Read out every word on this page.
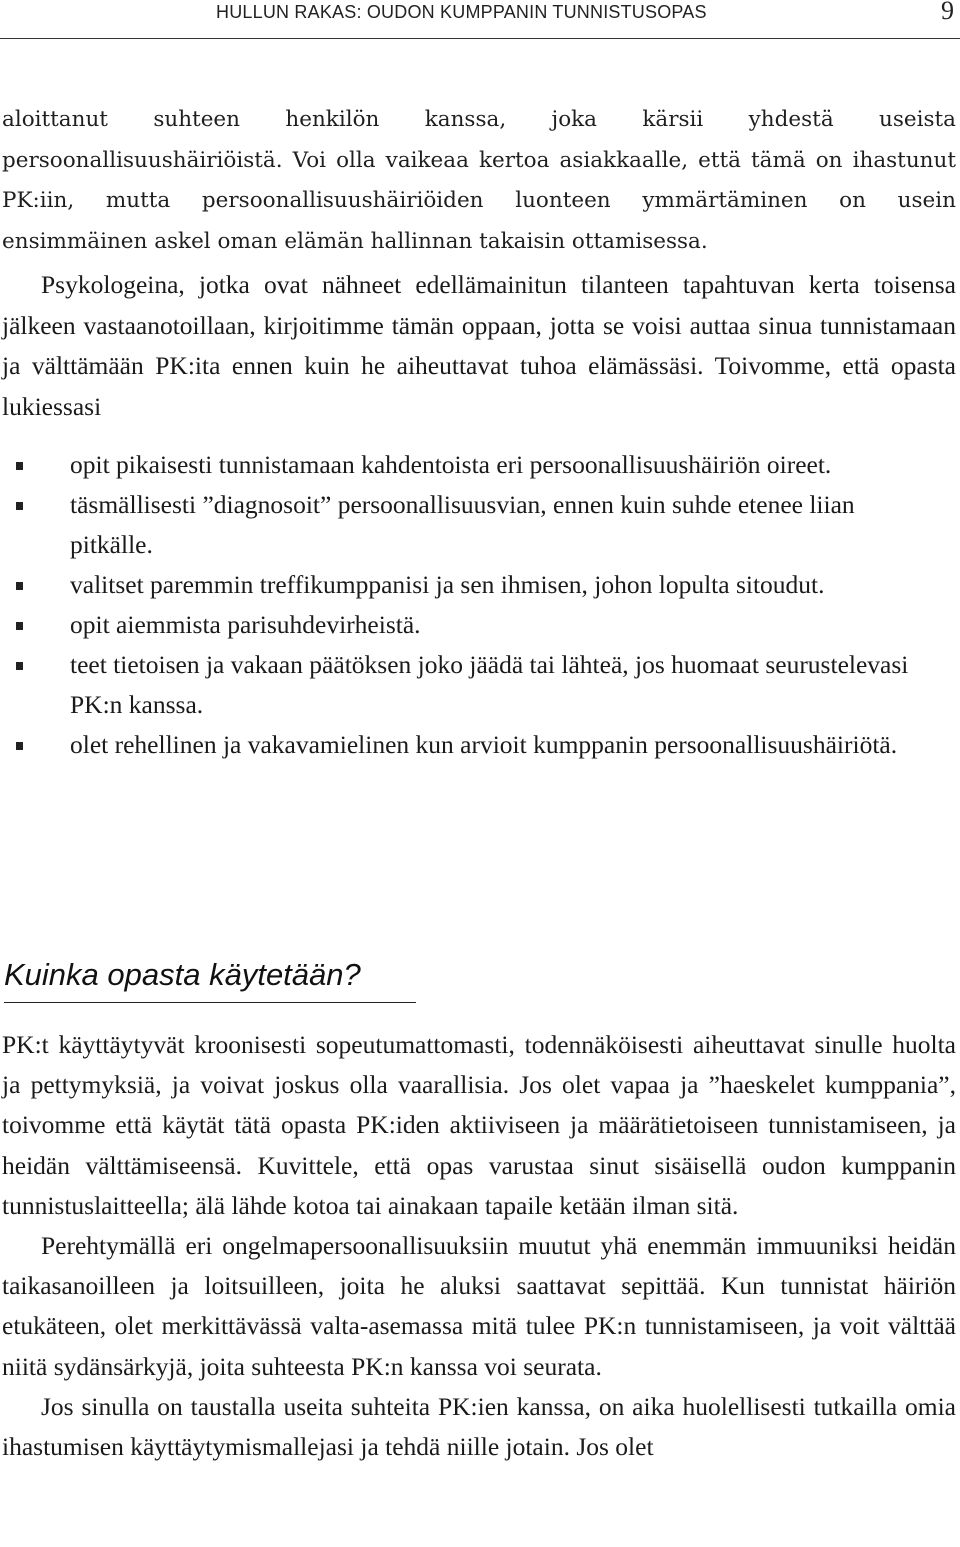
HULLUN RAKAS: OUDON KUMPPANIN TUNNISTUSOPAS	9

aloittanut suhteen henkilön kanssa, joka kärsii yhdestä useista persoonallisuushäiriöistä. Voi olla vaikeaa kertoa asiakkaalle, että tämä on ihastunut PK:iin, mutta persoonallisuushäiriöiden luonteen ymmärtäminen on usein ensimmäinen askel oman elämän hallinnan takaisin ottamisessa.

Psykologeina, jotka ovat nähneet edellämainitun tilanteen tapahtuvan kerta toisensa jälkeen vastaanotoillaan, kirjoitimme tämän oppaan, jotta se voisi auttaa sinua tunnistamaan ja välttämään PK:ita ennen kuin he aiheuttavat tuhoa elämässäsi. Toivomme, että opasta lukiessasi

opit pikaisesti tunnistamaan kahdentoista eri persoonallisuushäiriön oireet.
täsmällisesti ”diagnosoit” persoonallisuusvian, ennen kuin suhde etenee liian pitkälle.
valitset paremmin treffikumppanisi ja sen ihmisen, johon lopulta sitoudut.
opit aiemmista parisuhdevirheistä.
teet tietoisen ja vakaan päätöksen joko jäädä tai lähteä, jos huomaat seurustelevasi PK:n kanssa.
olet rehellinen ja vakavamielinen kun arvioit kumppanin persoonallisuushäiriötä.
Kuinka opasta käytetään?

PK:t käyttäytyvät kroonisesti sopeutumattomasti, todennäköisesti aiheuttavat sinulle huolta ja pettymyksiä, ja voivat joskus olla vaarallisia. Jos olet vapaa ja ”haeskelet kumppania”, toivomme että käytät tätä opasta PK:iden aktiiviseen ja määrätietoiseen tunnistamiseen, ja heidän välttämiseensä. Kuvittele, että opas varustaa sinut sisäisellä oudon kumppanin tunnistuslaitteella; älä lähde kotoa tai ainakaan tapaile ketään ilman sitä.

Perehtymällä eri ongelmapersoonallisuuksiin muutut yhä enemmän immuuniksi heidän taikasanoilleen ja loitsuilleen, joita he aluksi saattavat sepittää. Kun tunnistat häiriön etukäteen, olet merkittävässä valta-asemassa mitä tulee PK:n tunnistamiseen, ja voit välttää niitä sydänsärkyjä, joita suhteesta PK:n kanssa voi seurata.

Jos sinulla on taustalla useita suhteita PK:ien kanssa, on aika huolellisesti tutkailla omia ihastumisen käyttäytymismallejasi ja tehdä niille jotain. Jos olet
